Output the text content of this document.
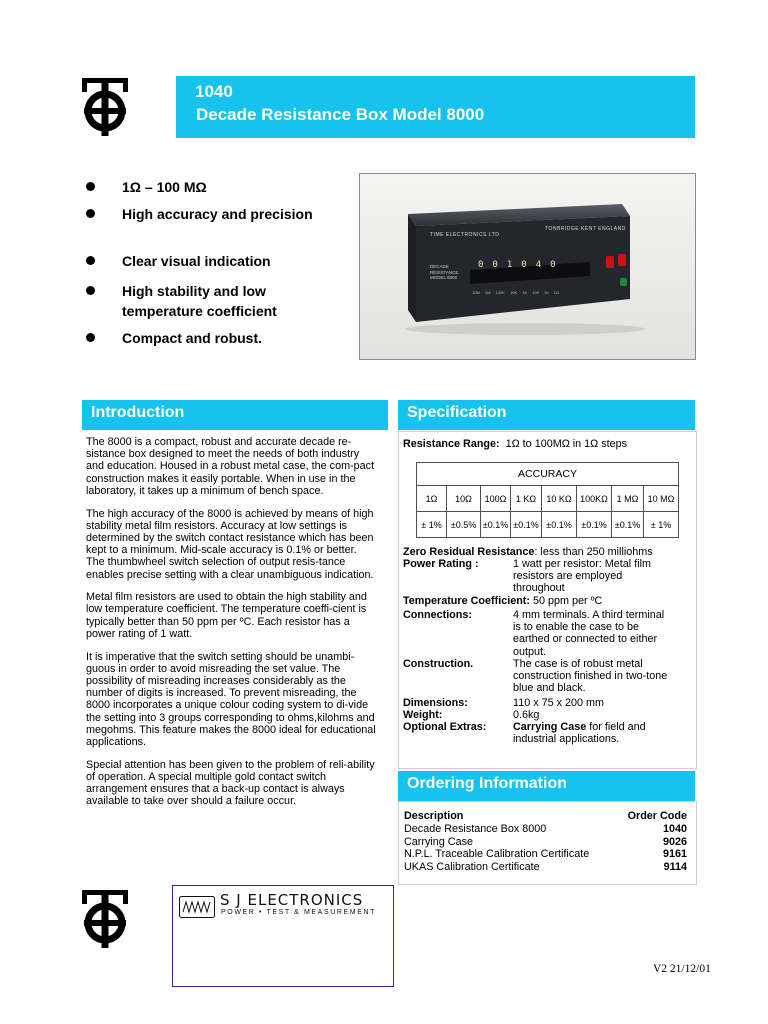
1040
Decade Resistance Box Model 8000
1Ω – 100 MΩ
High accuracy and precision
Clear visual indication
High stability and low temperature coefficient
Compact and robust.
TIME ELECTRONICS LTD
TONBRIDGE KENT ENGLAND
DECADE RESISTANCE MODEL 8000
001040
10M 1M 100K 10K 1K 100 10 1Ω
Introduction

The 8000 is a compact, robust and accurate decade re-sistance box designed to meet the needs of both industry and education. Housed in a robust metal case, the com-pact construction makes it easily portable. When in use in the laboratory, it takes up a minimum of bench space.

The high accuracy of the 8000 is achieved by means of high stability metal film resistors. Accuracy at low settings is determined by the switch contact resistance which has been kept to a minimum. Mid-scale accuracy is 0.1% or better. The thumbwheel switch selection of output resis-tance enables precise setting with a clear unambiguous indication.

Metal film resistors are used to obtain the high stability and low temperature coefficient. The temperature coeffi-cient is typically better than 50 ppm per ºC. Each resistor has a power rating of 1 watt.

It is imperative that the switch setting should be unambi-guous in order to avoid misreading the set value. The possibility of misreading increases considerably as the number of digits is increased. To prevent misreading, the 8000 incorporates a unique colour coding system to di-vide the setting into 3 groups corresponding to ohms,kilohms and megohms. This feature makes the 8000 ideal for educational applications.

Special attention has been given to the problem of reli-ability of operation. A special multiple gold contact switch arrangement ensures that a back-up contact is always available to take over should a failure occur.

Specification
Resistance Range: 1Ω to 100MΩ in 1Ω steps
ACCURACY							
1Ω	10Ω	100Ω	1 KΩ	10 KΩ	100KΩ	1 MΩ	10 MΩ
± 1%	±0.5%	±0.1%	±0.1%	±0.1%	±0.1%	±0.1%	± 1%
Zero Residual Resistance: less than 250 milliohms
Power Rating :	1 watt per resistor: Metal film
resistors are employed
throughout
Temperature Coefficient: 50 ppm per ºC
Connections:	4 mm terminals. A third terminal
is to enable the case to be
earthed or connected to either
output.
Construction.	The case is of robust metal
construction finished in two-tone
blue and black.
Dimensions:	110 x 75 x 200 mm
Weight:	0.6kg
Optional Extras: Carrying Case for field and
industrial applications.
Ordering Information
Description	Order Code
Decade Resistance Box 8000	1040
Carrying Case	9026
N.P.L. Traceable Calibration Certificate	9161
UKAS Calibration Certificate	9114
S J ELECTRONICS
POWER • TEST & MEASUREMENT
V2 21/12/01
